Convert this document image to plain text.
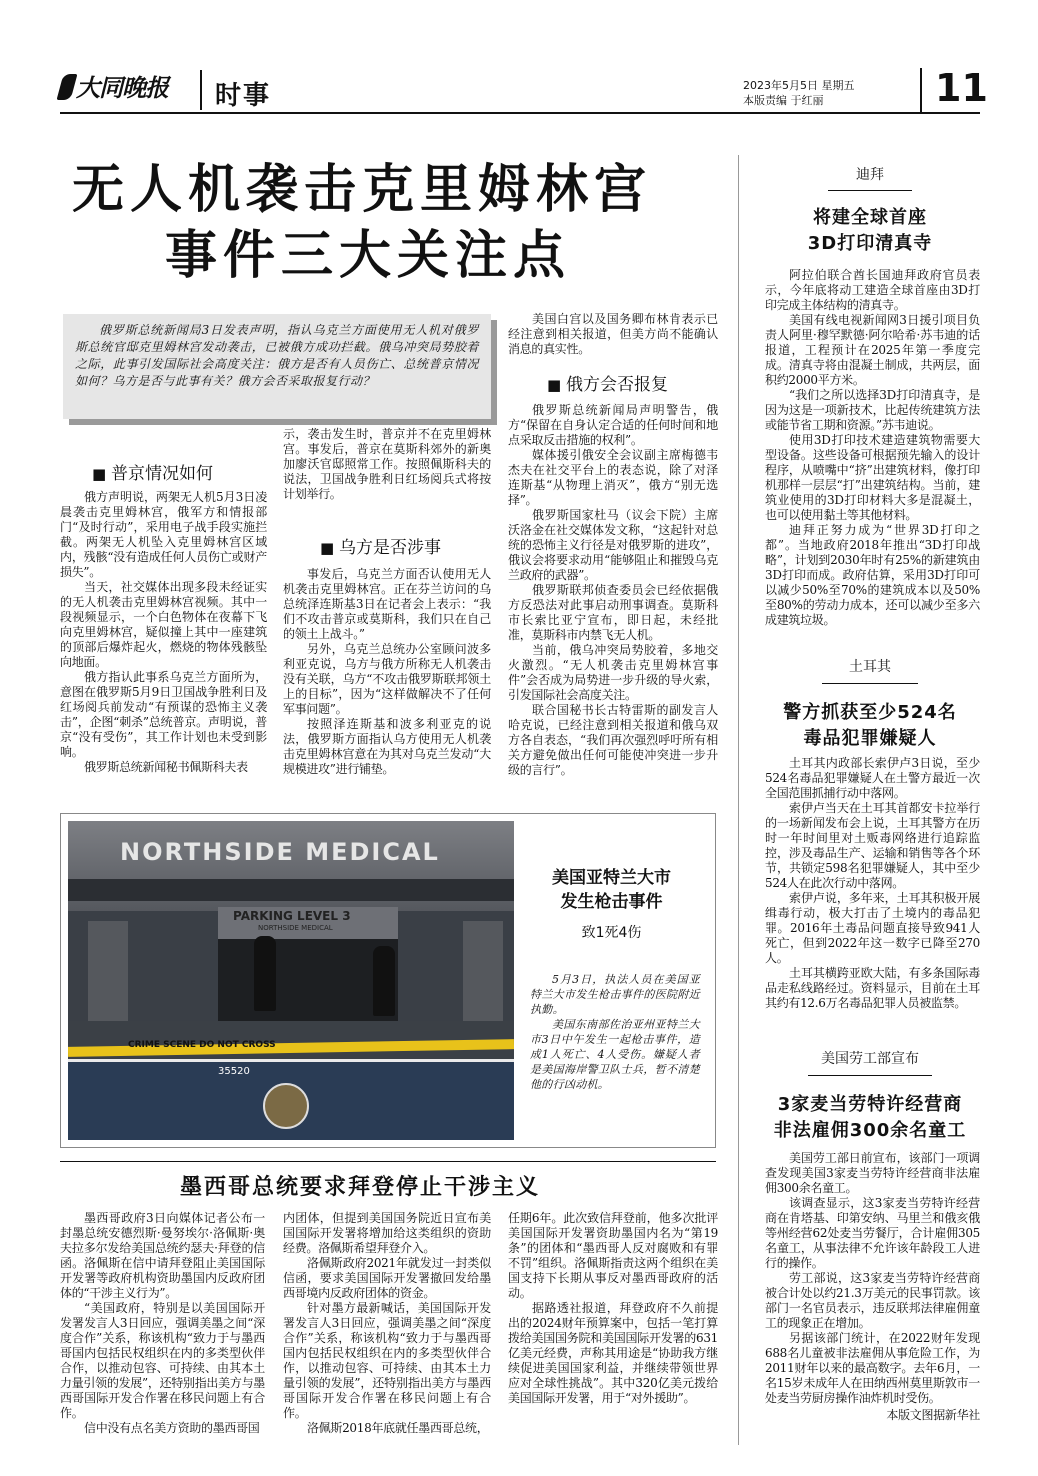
大同晚报	时事	2023年5月5日 星期五
本版责编 于红丽	11
无人机袭击克里姆林宫
事件三大关注点

俄罗斯总统新闻局3日发表声明，指认乌克兰方面使用无人机对俄罗斯总统官邸克里姆林宫发动袭击，已被俄方成功拦截。俄乌冲突局势胶着之际，此事引发国际社会高度关注：俄方是否有人员伤亡、总统普京情况如何？乌方是否与此事有关？俄方会否采取报复行动？

■ 普京情况如何

俄方声明说，两架无人机5月3日凌晨袭击克里姆林宫，俄军方和情报部门“及时行动”，采用电子战手段实施拦截。两架无人机坠入克里姆林宫区域内，残骸“没有造成任何人员伤亡或财产损失”。

当天，社交媒体出现多段未经证实的无人机袭击克里姆林宫视频。其中一段视频显示，一个白色物体在夜幕下飞向克里姆林宫，疑似撞上其中一座建筑的顶部后爆炸起火，燃烧的物体残骸坠向地面。

俄方指认此事系乌克兰方面所为，意图在俄罗斯5月9日卫国战争胜利日及红场阅兵前发动“有预谋的恐怖主义袭击”，企图“刺杀”总统普京。声明说，普京“没有受伤”，其工作计划也未受到影响。

俄罗斯总统新闻秘书佩斯科夫表

示，袭击发生时，普京并不在克里姆林宫。事发后，普京在莫斯科郊外的新奥加廖沃官邸照常工作。按照佩斯科夫的说法，卫国战争胜利日红场阅兵式将按计划举行。

■ 乌方是否涉事

事发后，乌克兰方面否认使用无人机袭击克里姆林宫。正在芬兰访问的乌总统泽连斯基3日在记者会上表示：“我们不攻击普京或莫斯科，我们只在自己的领土上战斗。”

另外，乌克兰总统办公室顾问波多利亚克说，乌方与俄方所称无人机袭击没有关联，乌方“不攻击俄罗斯联邦领土上的目标”，因为“这样做解决不了任何军事问题”。

按照泽连斯基和波多利亚克的说法，俄罗斯方面指认乌方使用无人机袭击克里姆林宫意在为其对乌克兰发动“大规模进攻”进行铺垫。

美国白宫以及国务卿布林肯表示已经注意到相关报道，但美方尚不能确认消息的真实性。

■ 俄方会否报复

俄罗斯总统新闻局声明警告，俄方“保留在自身认定合适的任何时间和地点采取反击措施的权利”。

媒体援引俄安全会议副主席梅德韦杰夫在社交平台上的表态说，除了对泽连斯基“从物理上消灭”，俄方“别无选择”。

俄罗斯国家杜马（议会下院）主席沃洛金在社交媒体发文称，“这起针对总统的恐怖主义行径是对俄罗斯的进攻”，俄议会将要求动用“能够阻止和摧毁乌克兰政府的武器”。

俄罗斯联邦侦查委员会已经依据俄方反恐法对此事启动刑事调查。莫斯科市长索比亚宁宣布，即日起，未经批准，莫斯科市内禁飞无人机。

当前，俄乌冲突局势胶着，多地交火激烈。“无人机袭击克里姆林宫事件”会否成为局势进一步升级的导火索，引发国际社会高度关注。

联合国秘书长古特雷斯的副发言人哈克说，已经注意到相关报道和俄乌双方各自表态，“我们再次强烈呼吁所有相关方避免做出任何可能使冲突进一步升级的言行”。

NORTHSIDE MEDICAL
PARKING LEVEL 3
NORTHSIDE MEDICAL
CRIME SCENE DO NOT CROSS
35520
美国亚特兰大市
发生枪击事件
致1死4伤

5月3日，执法人员在美国亚特兰大市发生枪击事件的医院附近执勤。

美国东南部佐治亚州亚特兰大市3日中午发生一起枪击事件，造成1人死亡、4人受伤。嫌疑人者是美国海岸警卫队士兵，暂不清楚他的行凶动机。

墨西哥总统要求拜登停止干涉主义

墨西哥政府3日向媒体记者公布一封墨总统安德烈斯·曼努埃尔·洛佩斯·奥夫拉多尔发给美国总统约瑟夫·拜登的信函。洛佩斯在信中请拜登阻止美国国际开发署等政府机构资助墨国内反政府团体的“干涉主义行为”。

“美国政府，特别是以美国国际开发署发言人3日回应，强调美墨之间“深度合作”关系，称该机构“致力于与墨西哥国内包括民权组织在内的多类型伙伴合作，以推动包容、可持续、由其本土力量引领的发展”，还特别指出美方与墨西哥国际开发合作署在移民问题上有合作。

信中没有点名美方资助的墨西哥国

内团体，但提到美国国务院近日宣布美国国际开发署将增加给这类组织的资助经费。洛佩斯希望拜登介入。

洛佩斯政府2021年就发过一封类似信函，要求美国国际开发署撤回发给墨西哥境内反政府团体的资金。

针对墨方最新喊话，美国国际开发署发言人3日回应，强调美墨之间“深度合作”关系，称该机构“致力于与墨西哥国内包括民权组织在内的多类型伙伴合作，以推动包容、可持续、由其本土力量引领的发展”，还特别指出美方与墨西哥国际开发合作署在移民问题上有合作。

洛佩斯2018年底就任墨西哥总统，

任期6年。此次致信拜登前，他多次批评美国国际开发署资助墨国内名为“第19条”的团体和“墨西哥人反对腐败和有罪不罚”组织。洛佩斯指责这两个组织在美国支持下长期从事反对墨西哥政府的活动。

据路透社报道，拜登政府不久前提出的2024财年预算案中，包括一笔打算拨给美国国务院和美国国际开发署的631亿美元经费，声称其用途是“协助我方继续促进美国国家利益，并继续带领世界应对全球性挑战”。其中320亿美元拨给美国国际开发署，用于“对外援助”。

迪拜
将建全球首座
3D打印清真寺

阿拉伯联合酋长国迪拜政府官员表示，今年底将动工建造全球首座由3D打印完成主体结构的清真寺。

美国有线电视新闻网3日援引项目负责人阿里·穆罕默德·阿尔哈希·苏韦迪的话报道，工程预计在2025年第一季度完成。清真寺将由混凝土制成，共两层，面积约2000平方米。

“我们之所以选择3D打印清真寺，是因为这是一项新技术，比起传统建筑方法或能节省工期和资源。”苏韦迪说。

使用3D打印技术建造建筑物需要大型设备。这些设备可根据预先输入的设计程序，从喷嘴中“挤”出建筑材料，像打印机那样一层层“打”出建筑结构。当前，建筑业使用的3D打印材料大多是混凝土，也可以使用黏土等其他材料。

迪拜正努力成为“世界3D打印之都”。当地政府2018年推出“3D打印战略”，计划到2030年时有25%的新建筑由3D打印而成。政府估算，采用3D打印可以减少50%至70%的建筑成本以及50%至80%的劳动力成本，还可以减少至多六成建筑垃圾。

土耳其
警方抓获至少524名
毒品犯罪嫌疑人

土耳其内政部长索伊卢3日说，至少524名毒品犯罪嫌疑人在土警方最近一次全国范围抓捕行动中落网。

索伊卢当天在土耳其首都安卡拉举行的一场新闻发布会上说，土耳其警方在历时一年时间里对土贩毒网络进行追踪监控，涉及毒品生产、运输和销售等各个环节，共锁定598名犯罪嫌疑人，其中至少524人在此次行动中落网。

索伊卢说，多年来，土耳其积极开展缉毒行动，极大打击了土境内的毒品犯罪。2016年土毒品问题直接导致941人死亡，但到2022年这一数字已降至270人。

土耳其横跨亚欧大陆，有多条国际毒品走私线路经过。资料显示，目前在土耳其约有12.6万名毒品犯罪人员被监禁。

美国劳工部宣布
3家麦当劳特许经营商
非法雇佣300余名童工

美国劳工部日前宣布，该部门一项调查发现美国3家麦当劳特许经营商非法雇佣300余名童工。

该调查显示，这3家麦当劳特许经营商在肯塔基、印第安纳、马里兰和俄亥俄等州经营62处麦当劳餐厅，合计雇佣305名童工，从事法律不允许该年龄段工人进行的操作。

劳工部说，这3家麦当劳特许经营商被合计处以约21.3万美元的民事罚款。该部门一名官员表示，违反联邦法律雇佣童工的现象正在增加。

另据该部门统计，在2022财年发现688名儿童被非法雇佣从事危险工作，为2011财年以来的最高数字。去年6月，一名15岁未成年人在田纳西州莫里斯敦市一处麦当劳厨房操作油炸机时受伤。

本版文图据新华社
